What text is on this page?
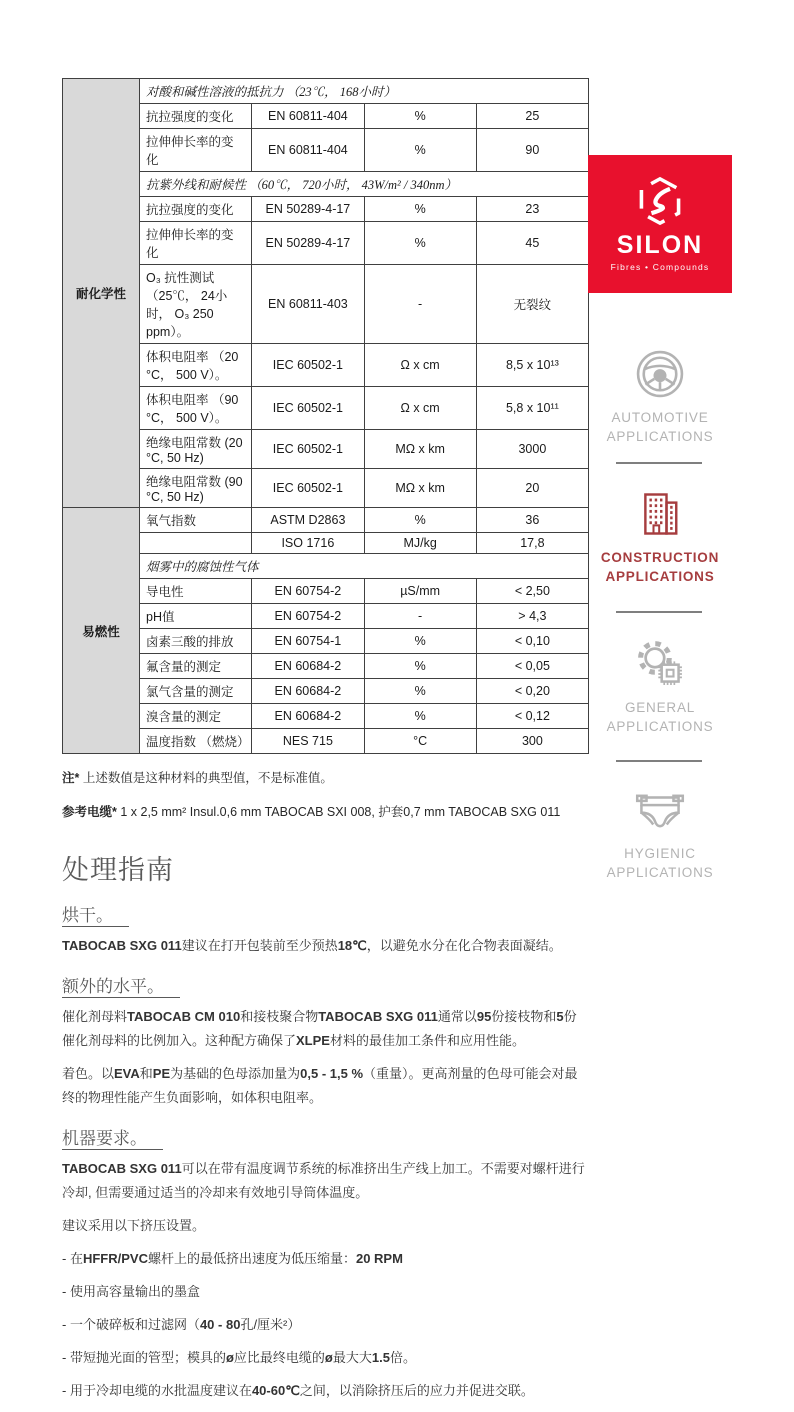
耐化学性	对酸和碱性溶液的抵抗力 （23℃， 168小时）			
	抗拉强度的变化	EN 60811-404	%	25
	拉伸伸长率的变化	EN 60811-404	%	90
	抗紫外线和耐候性 （60℃， 720小时， 43W/m² / 340nm）			
	抗拉强度的变化	EN 50289-4-17	%	23
	拉伸伸长率的变化	EN 50289-4-17	%	45
	O₃ 抗性测试 （25℃， 24小时， O₃ 250 ppm）。	EN 60811-403	-	无裂纹
	体积电阻率 （20 °C， 500 V）。	IEC 60502-1	Ω x cm	8,5 x 10¹³
	体积电阻率 （90 °C， 500 V）。	IEC 60502-1	Ω x cm	5,8 x 10¹¹
	绝缘电阻常数 (20 °C, 50 Hz)	IEC 60502-1	MΩ x km	3000
	绝缘电阻常数 (90 °C, 50 Hz)	IEC 60502-1	MΩ x km	20
易燃性	氧气指数	ASTM D2863	%	36
		ISO 1716	MJ/kg	17,8
	烟雾中的腐蚀性气体			
	导电性	EN 60754-2	µS/mm	< 2,50
	pH值	EN 60754-2	-	> 4,3
	卤素三酸的排放	EN 60754-1	%	< 0,10
	氟含量的测定	EN 60684-2	%	< 0,05
	氯气含量的测定	EN 60684-2	%	< 0,20
	溴含量的测定	EN 60684-2	%	< 0,12
	温度指数 （燃烧）	NES 715	°C	300
注* 上述数值是这种材料的典型值，不是标准值。
参考电缆* 1 x 2,5 mm² Insul.0,6 mm TABOCAB SXI 008, 护套0,7 mm TABOCAB SXG 011
处理指南
烘干。

TABOCAB SXG 011建议在打开包装前至少预热18℃，以避免水分在化合物表面凝结。

额外的水平。

催化剂母料TABOCAB CM 010和接枝聚合物TABOCAB SXG 011通常以95份接枝物和5份催化剂母料的比例加入。这种配方确保了XLPE材料的最佳加工条件和应用性能。

着色。以EVA和PE为基础的色母添加量为0,5 - 1,5 %（重量）。更高剂量的色母可能会对最终的物理性能产生负面影响，如体积电阻率。

机器要求。

TABOCAB SXG 011可以在带有温度调节系统的标准挤出生产线上加工。不需要对螺杆进行冷却, 但需要通过适当的冷却来有效地引导筒体温度。

建议采用以下挤压设置。

- 在HFFR/PVC螺杆上的最低挤出速度为低压缩量：20 RPM

- 使用高容量输出的墨盒

- 一个破碎板和过滤网（40 - 80孔/厘米²）

- 带短抛光面的管型；模具的ø应比最终电缆的ø最大大1.5倍。

- 用于冷却电缆的水批温度建议在40-60℃之间，以消除挤压后的应力并促进交联。

SILON
Fibres • Compounds
AUTOMOTIVE
APPLICATIONS
CONSTRUCTION
APPLICATIONS
GENERAL
APPLICATIONS
HYGIENIC
APPLICATIONS
